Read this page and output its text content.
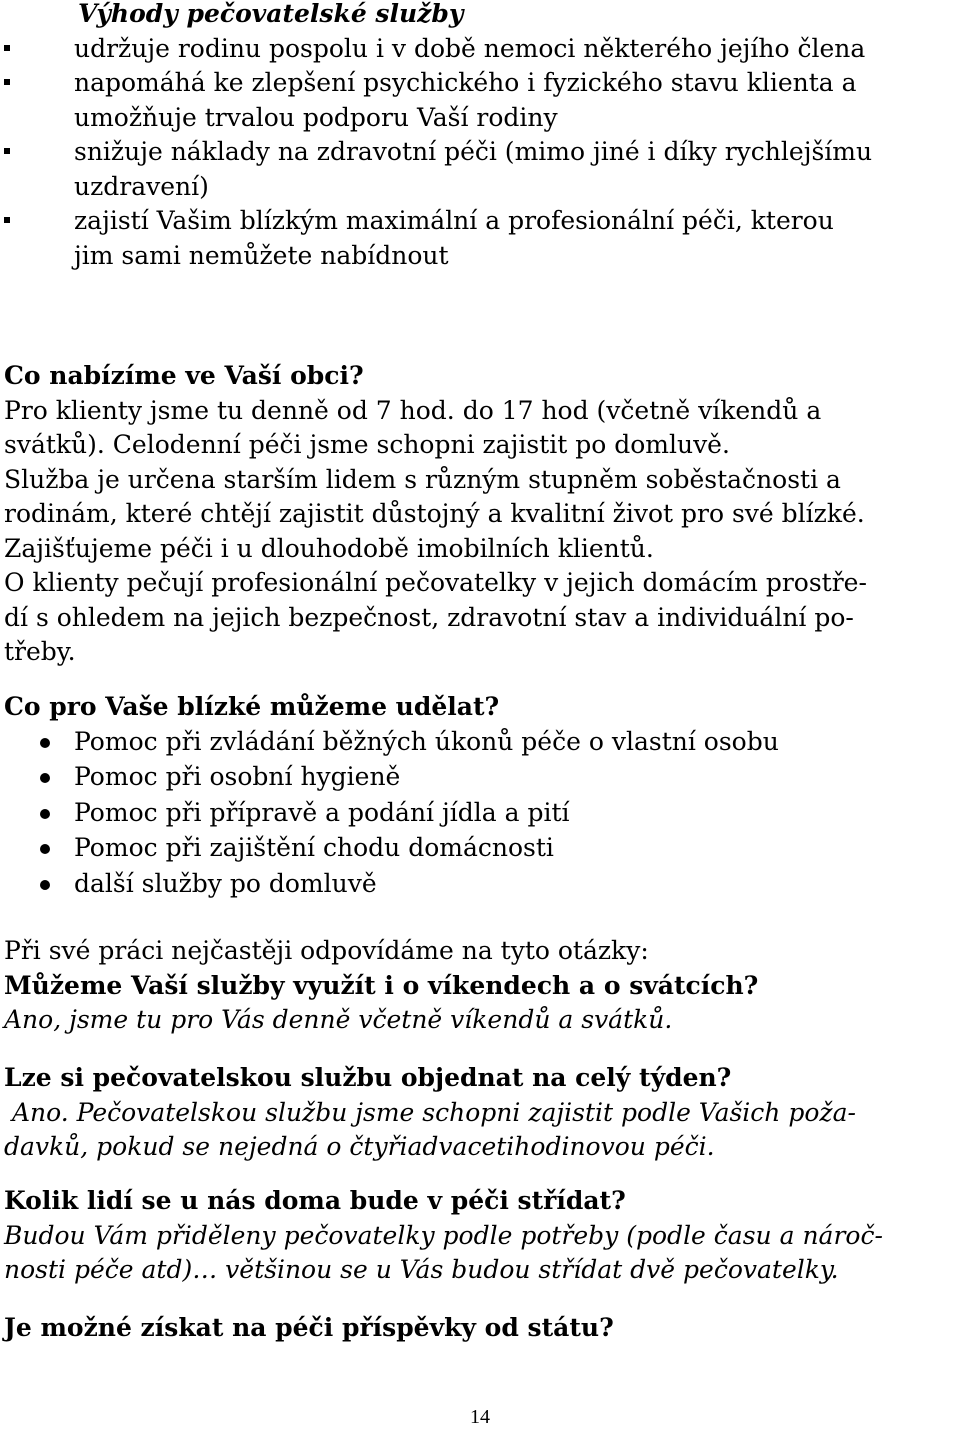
Výhody pečovatelské služby
udržuje rodinu pospolu i v době nemoci některého jejího člena
napomáhá ke zlepšení psychického i fyzického stavu klienta a
umožňuje trvalou podporu Vaší rodiny
snižuje náklady na zdravotní péči (mimo jiné i díky rychlejšímu
uzdravení)
zajistí Vašim blízkým maximální a profesionální péči, kterou
jim sami nemůžete nabídnout
Co nabízíme ve Vaší obci?
Pro klienty jsme tu denně od 7 hod. do 17 hod (včetně víkendů a
svátků). Celodenní péči jsme schopni zajistit po domluvě.
Služba je určena starším lidem s různým stupněm soběstačnosti a
rodinám, které chtějí zajistit důstojný a kvalitní život pro své blízké.
Zajišťujeme péči i u dlouhodobě imobilních klientů.
O klienty pečují profesionální pečovatelky v jejich domácím prostře-
dí s ohledem na jejich bezpečnost, zdravotní stav a individuální po-
třeby.
Co pro Vaše blízké můžeme udělat?
Pomoc při zvládání běžných úkonů péče o vlastní osobu
Pomoc při osobní hygieně
Pomoc při přípravě a podání jídla a pití
Pomoc při zajištění chodu domácnosti
další služby po domluvě
Při své práci nejčastěji odpovídáme na tyto otázky:
Můžeme Vaší služby využít i o víkendech a o svátcích?
Ano, jsme tu pro Vás denně včetně víkendů a svátků.
Lze si pečovatelskou službu objednat na celý týden?
Ano. Pečovatelskou službu jsme schopni zajistit podle Vašich poža-
davků, pokud se nejedná o čtyřiadvacetihodinovou péči.
Kolik lidí se u nás doma bude v péči střídat?
Budou Vám přiděleny pečovatelky podle potřeby (podle času a nároč-
nosti péče atd)… většinou se u Vás budou střídat dvě pečovatelky.
Je možné získat na péči příspěvky od státu?
14
